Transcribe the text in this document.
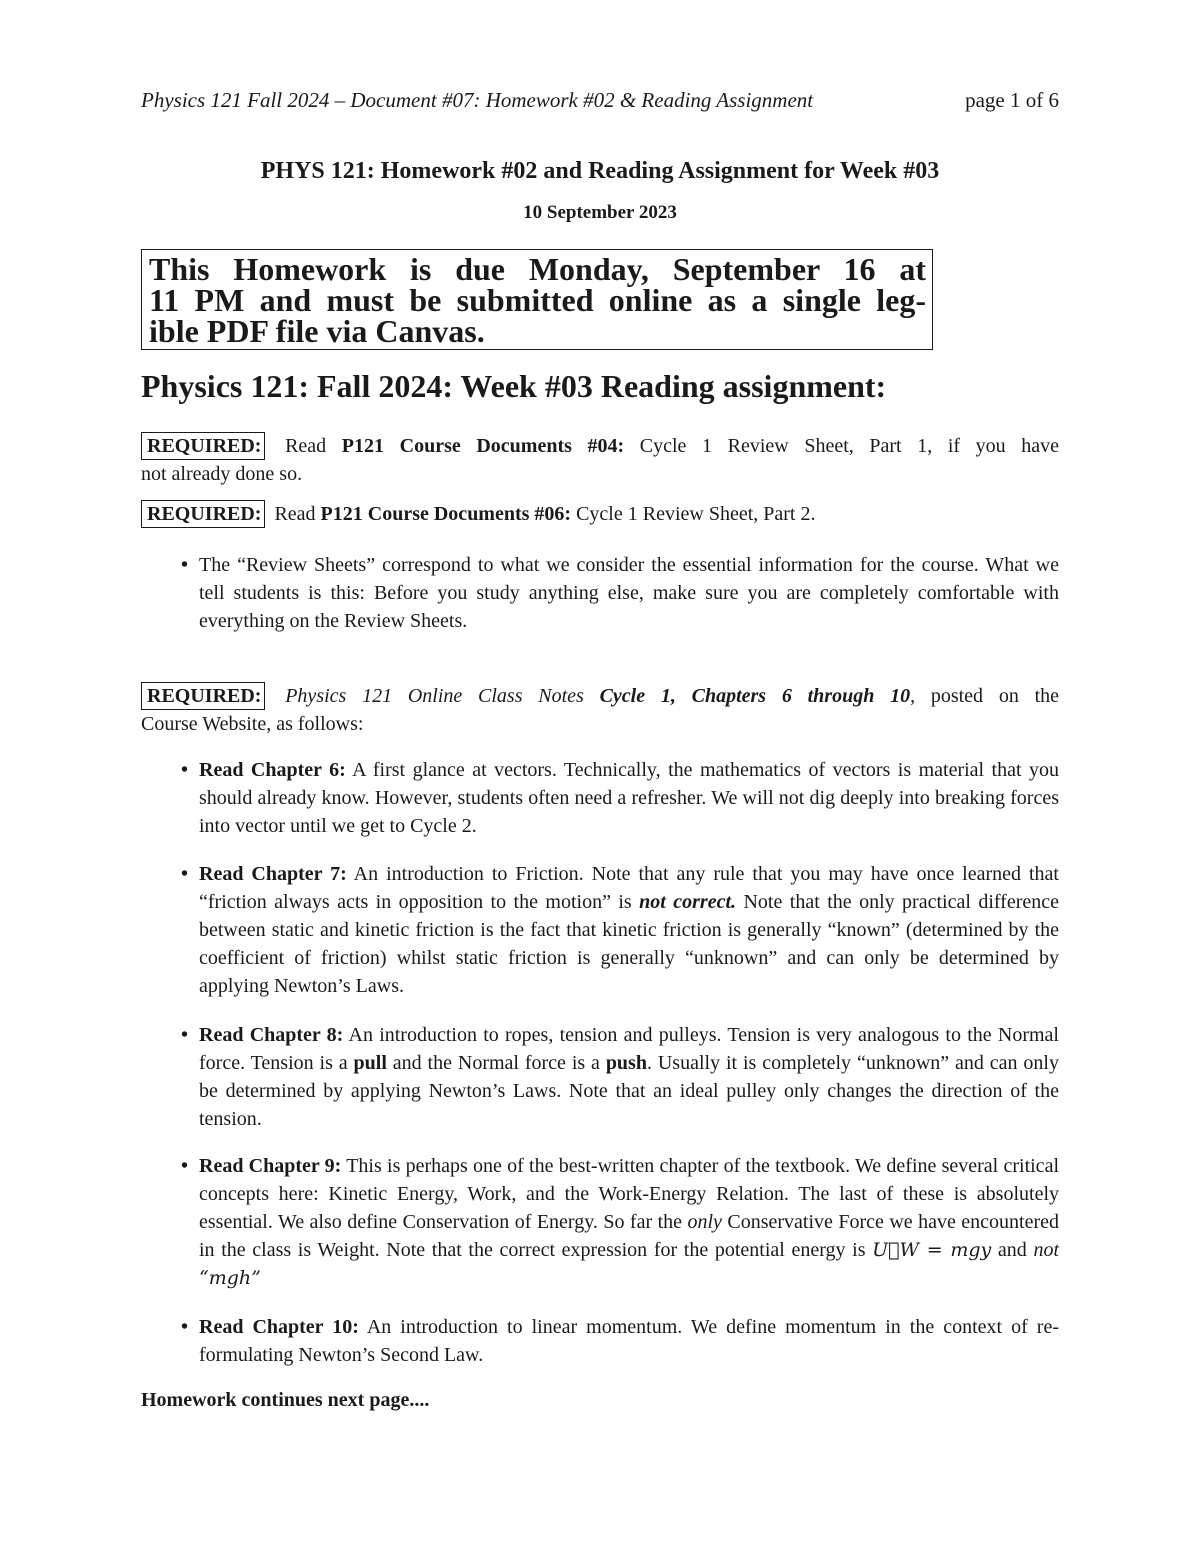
Physics 121 Fall 2024 – Document #07: Homework #02 & Reading Assignment	page 1 of 6
PHYS 121: Homework #02 and Reading Assignment for Week #03
10 September 2023
This Homework is due Monday, September 16 at
11 PM and must be submitted online as a single leg-
ible PDF file via Canvas.
Physics 121: Fall 2024: Week #03 Reading assignment:
REQUIRED: Read P121 Course Documents #04: Cycle 1 Review Sheet, Part 1, if you have
not already done so.
REQUIRED: Read P121 Course Documents #06: Cycle 1 Review Sheet, Part 2.
• The “Review Sheets” correspond to what we consider the essential information for the course. What we tell students is this: Before you study anything else, make sure you are completely comfortable with everything on the Review Sheets.
REQUIRED: Physics 121 Online Class Notes Cycle 1, Chapters 6 through 10, posted on the
Course Website, as follows:
• Read Chapter 6: A first glance at vectors. Technically, the mathematics of vectors is material that you should already know. However, students often need a refresher. We will not dig deeply into breaking forces into vector until we get to Cycle 2.
• Read Chapter 7: An introduction to Friction. Note that any rule that you may have once learned that “friction always acts in opposition to the motion” is not correct. Note that the only practical difference between static and kinetic friction is the fact that kinetic friction is generally “known” (determined by the coefficient of friction) whilst static friction is generally “unknown” and can only be determined by applying Newton’s Laws.
• Read Chapter 8: An introduction to ropes, tension and pulleys. Tension is very analogous to the Normal force. Tension is a pull and the Normal force is a push. Usually it is completely “unknown” and can only be determined by applying Newton’s Laws. Note that an ideal pulley only changes the direction of the tension.
• Read Chapter 9: This is perhaps one of the best-written chapter of the textbook. We define several critical concepts here: Kinetic Energy, Work, and the Work-Energy Relation. The last of these is absolutely essential. We also define Conservation of Energy. So far the only Conservative Force we have encountered in the class is Weight. Note that the correct expression for the potential energy is U⃗W = mgy and not “mgh”
• Read Chapter 10: An introduction to linear momentum. We define momentum in the context of re-formulating Newton’s Second Law.
Homework continues next page....
